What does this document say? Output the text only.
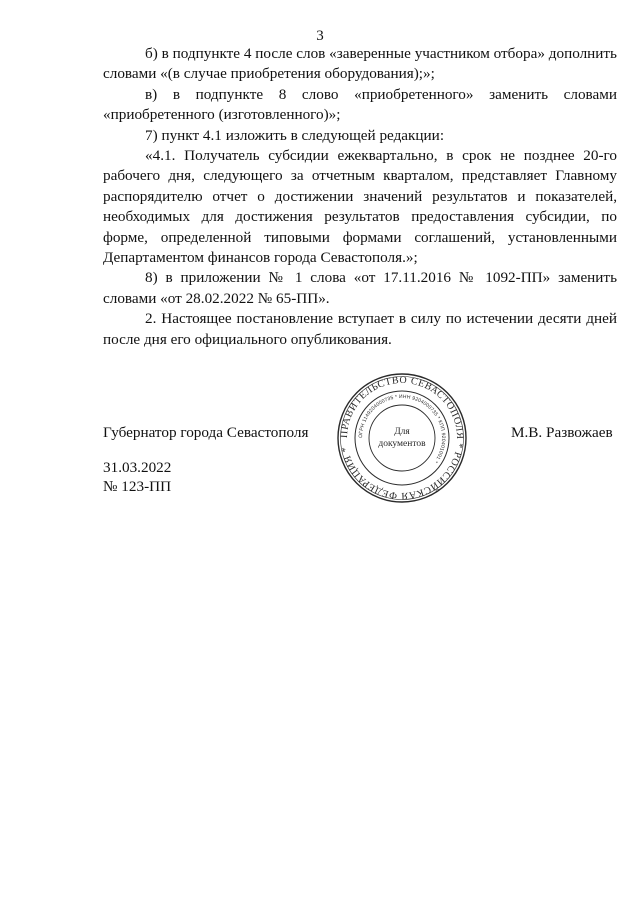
3

б) в подпункте 4 после слов «заверенные участником отбора» дополнить словами «(в случае приобретения оборудования);»;

в) в подпункте 8 слово «приобретенного» заменить словами «приобретенного (изготовленного)»;

7) пункт 4.1 изложить в следующей редакции:

«4.1. Получатель субсидии ежеквартально, в срок не позднее 20-го рабочего дня, следующего за отчетным кварталом, представляет Главному распорядителю отчет о достижении значений результатов и показателей, необходимых для достижения результатов предоставления субсидии, по форме, определенной типовыми формами соглашений, установленными Департаментом финансов города Севастополя.»;

8) в приложении № 1 слова «от 17.11.2016 № 1092-ПП» заменить словами «от 28.02.2022 № 65-ПП».

2. Настоящее постановление вступает в силу по истечении десяти дней после дня его официального опубликования.

Губернатор города Севастополя	М.В. Развожаев
31.03.2022
№ 123-ПП
ПРАВИТЕЛЬСТВО СЕВАСТОПОЛЯ * РОССИЙСКАЯ ФЕДЕРАЦИЯ *
ОГРН 1149204000735 * ИНН 9204000735 * КПП 920401001 *
Для
документов
